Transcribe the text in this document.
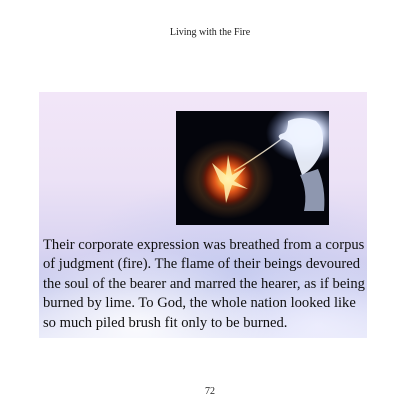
Living with the Fire

Their corporate expression was breathed from a corpus of judgment (fire). The flame of their beings devoured the soul of the bearer and marred the hearer, as if being burned by lime. To God, the whole nation looked like so much piled brush fit only to be burned.

72
